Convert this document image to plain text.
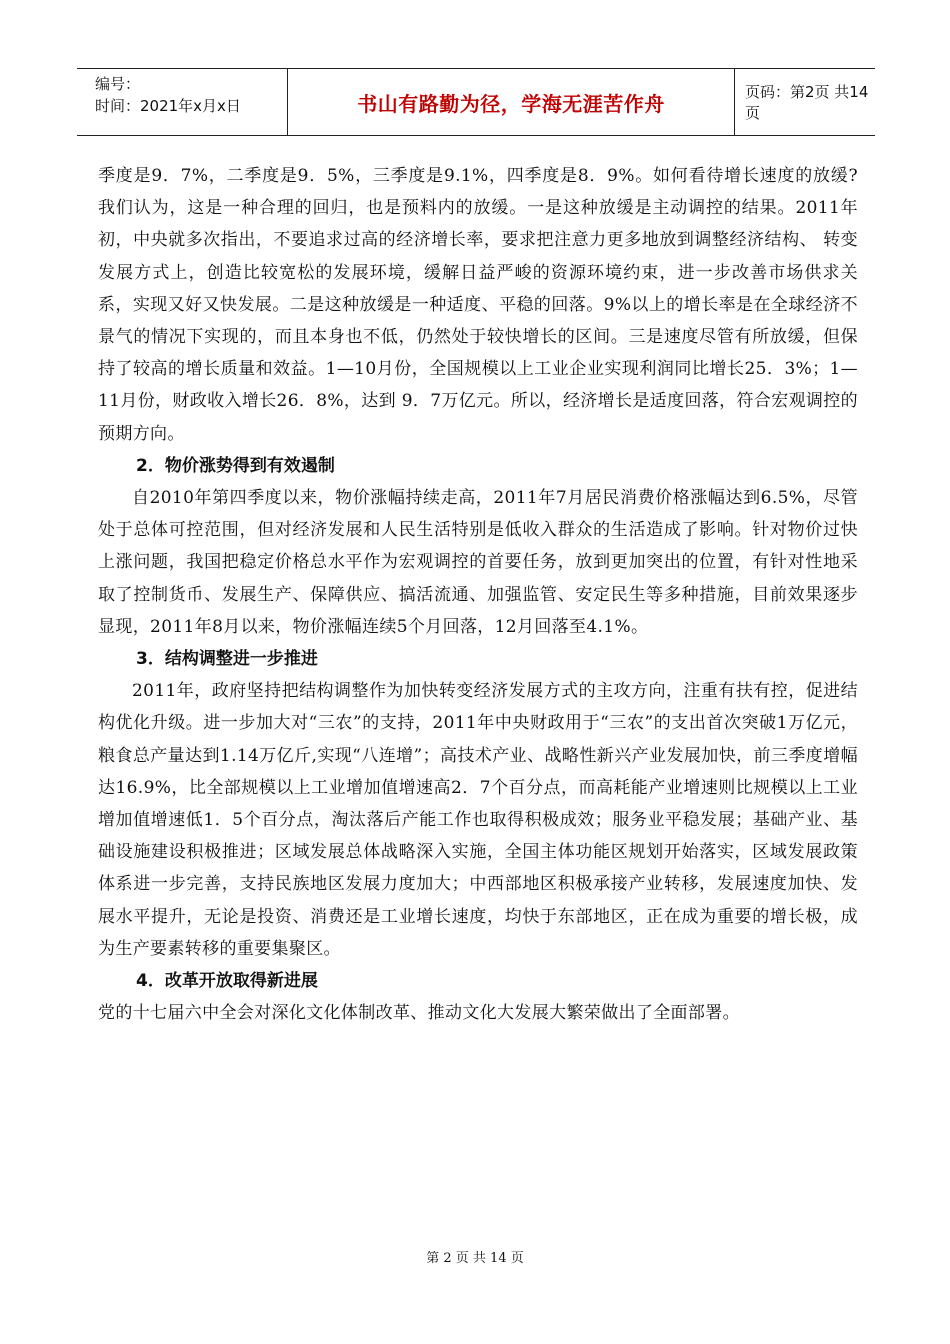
编号：
时间：2021年x月x日	书山有路勤为径，学海无涯苦作舟	页码：第2页 共14页

季度是9．7%，二季度是9．5%，三季度是9.1%，四季度是8．9%。如何看待增长速度的放缓?我们认为，这是一种合理的回归，也是预料内的放缓。一是这种放缓是主动调控的结果。2011年初，中央就多次指出，不要追求过高的经济增长率，要求把注意力更多地放到调整经济结构、 转变发展方式上，创造比较宽松的发展环境，缓解日益严峻的资源环境约束，进一步改善市场供求关系，实现又好又快发展。二是这种放缓是一种适度、平稳的回落。9%以上的增长率是在全球经济不景气的情况下实现的，而且本身也不低，仍然处于较快增长的区间。三是速度尽管有所放缓，但保持了较高的增长质量和效益。1—10月份，全国规模以上工业企业实现利润同比增长25．3%；1—11月份，财政收入增长26．8%，达到 9．7万亿元。所以，经济增长是适度回落，符合宏观调控的预期方向。

2．物价涨势得到有效遏制

自2010年第四季度以来，物价涨幅持续走高，2011年7月居民消费价格涨幅达到6.5%，尽管处于总体可控范围，但对经济发展和人民生活特别是低收入群众的生活造成了影响。针对物价过快上涨问题，我国把稳定价格总水平作为宏观调控的首要任务，放到更加突出的位置，有针对性地采取了控制货币、发展生产、保障供应、搞活流通、加强监管、安定民生等多种措施，目前效果逐步显现，2011年8月以来，物价涨幅连续5个月回落，12月回落至4.1%。

3．结构调整进一步推进

2011年，政府坚持把结构调整作为加快转变经济发展方式的主攻方向，注重有扶有控，促进结构优化升级。进一步加大对“三农”的支持，2011年中央财政用于“三农”的支出首次突破1万亿元，粮食总产量达到1.14万亿斤,实现“八连增”；高技术产业、战略性新兴产业发展加快，前三季度增幅达16.9%，比全部规模以上工业增加值增速高2．7个百分点，而高耗能产业增速则比规模以上工业增加值增速低1．5个百分点，淘汰落后产能工作也取得积极成效；服务业平稳发展；基础产业、基础设施建设积极推进；区域发展总体战略深入实施，全国主体功能区规划开始落实，区域发展政策体系进一步完善，支持民族地区发展力度加大；中西部地区积极承接产业转移，发展速度加快、发展水平提升，无论是投资、消费还是工业增长速度，均快于东部地区，正在成为重要的增长极，成为生产要素转移的重要集聚区。

4．改革开放取得新进展

党的十七届六中全会对深化文化体制改革、推动文化大发展大繁荣做出了全面部署。

第 2 页 共 14 页
